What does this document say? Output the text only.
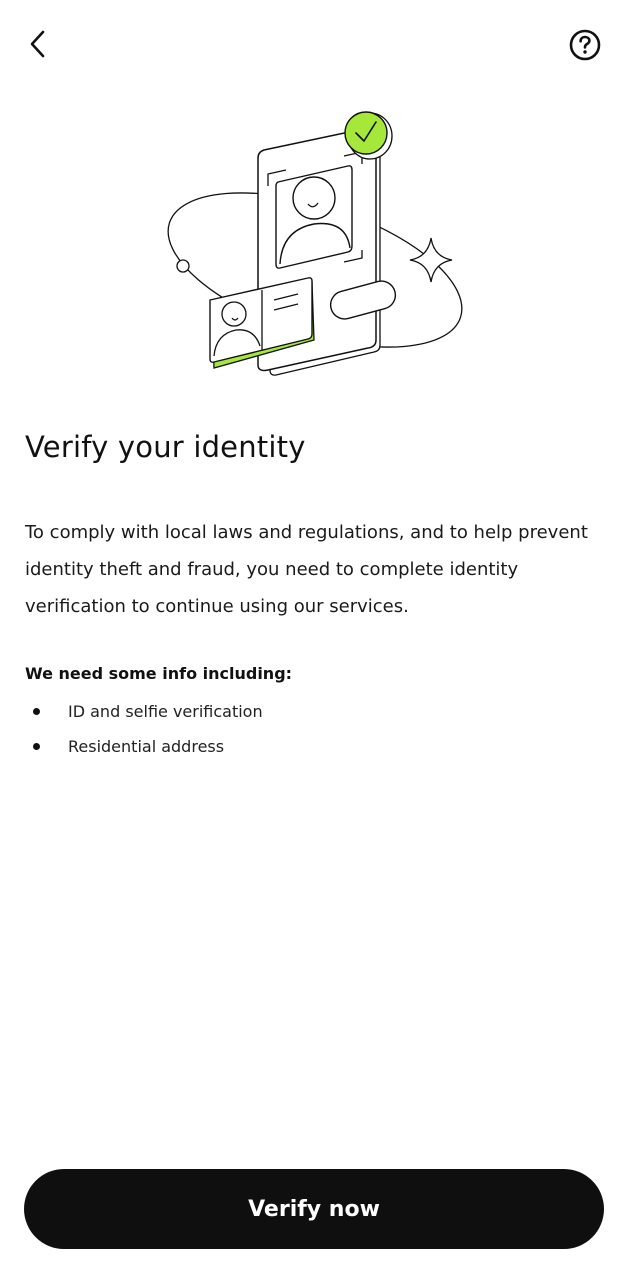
Verify your identity
To comply with local laws and regulations, and to help prevent identity theft and fraud, you need to complete identity verification to continue using our services.
We need some info including:
ID and selfie verification
Residential address
Verify now
